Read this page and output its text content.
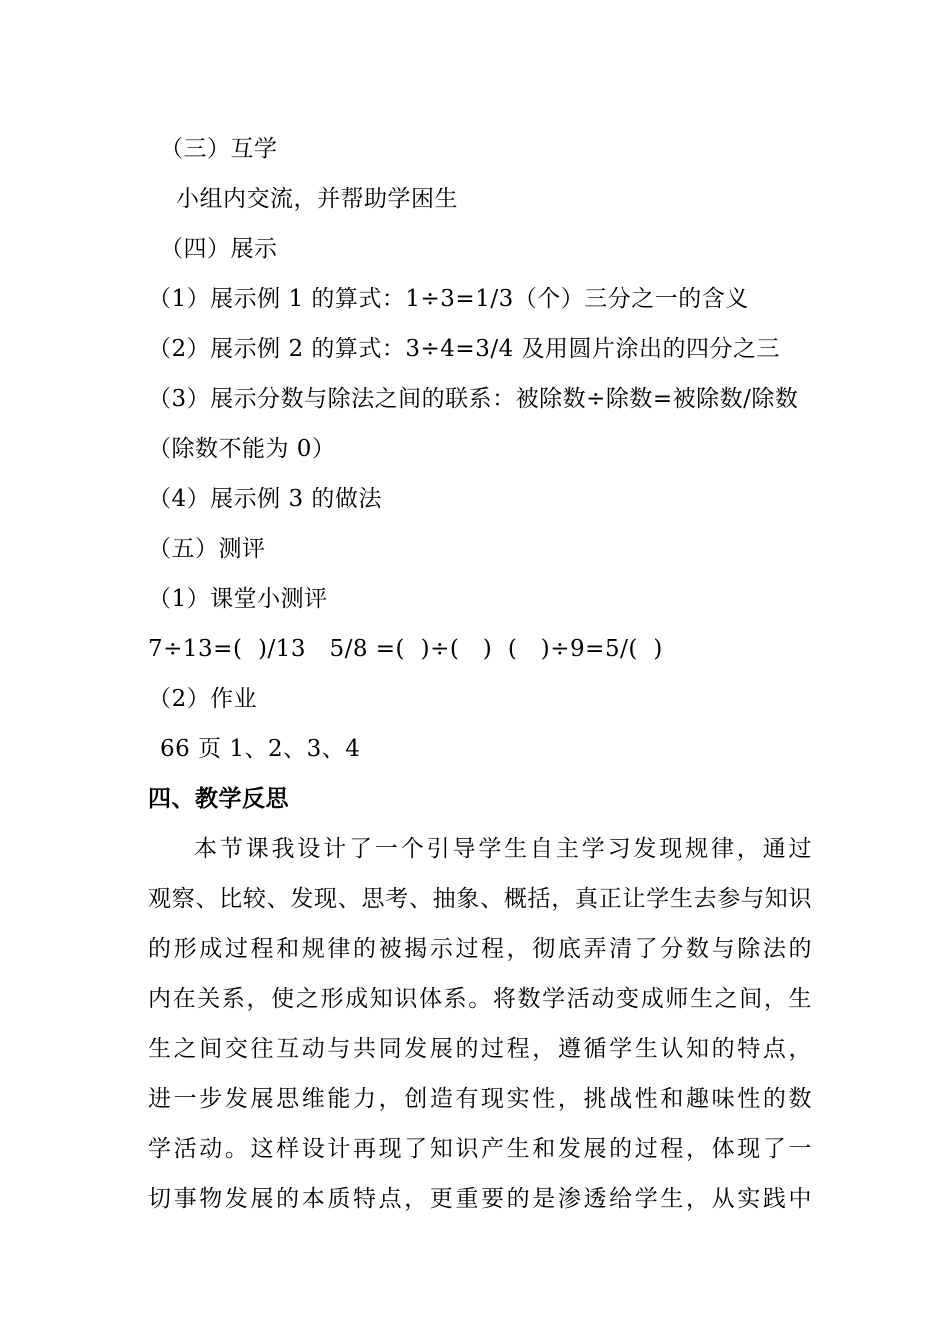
（三）互学
小组内交流，并帮助学困生
（四）展示
（1）展示例 1 的算式：1÷3=1/3（个）三分之一的含义
（2）展示例 2 的算式：3÷4=3/4 及用圆片涂出的四分之三
（3）展示分数与除法之间的联系：被除数÷除数=被除数/除数
（除数不能为 0）
（4）展示例 3 的做法
（五）测评
（1）课堂小测评
7÷13=(  )/13   5/8 =(  )÷(   )  (   )÷9=5/(  )
（2）作业
66 页 1、2、3、4
四、教学反思
本节课我设计了一个引导学生自主学习发现规律，通过
观察、比较、发现、思考、抽象、概括，真正让学生去参与知识
的形成过程和规律的被揭示过程，彻底弄清了分数与除法的
内在关系，使之形成知识体系。将数学活动变成师生之间，生
生之间交往互动与共同发展的过程，遵循学生认知的特点，
进一步发展思维能力，创造有现实性，挑战性和趣味性的数
学活动。这样设计再现了知识产生和发展的过程，体现了一
切事物发展的本质特点，更重要的是渗透给学生，从实践中
